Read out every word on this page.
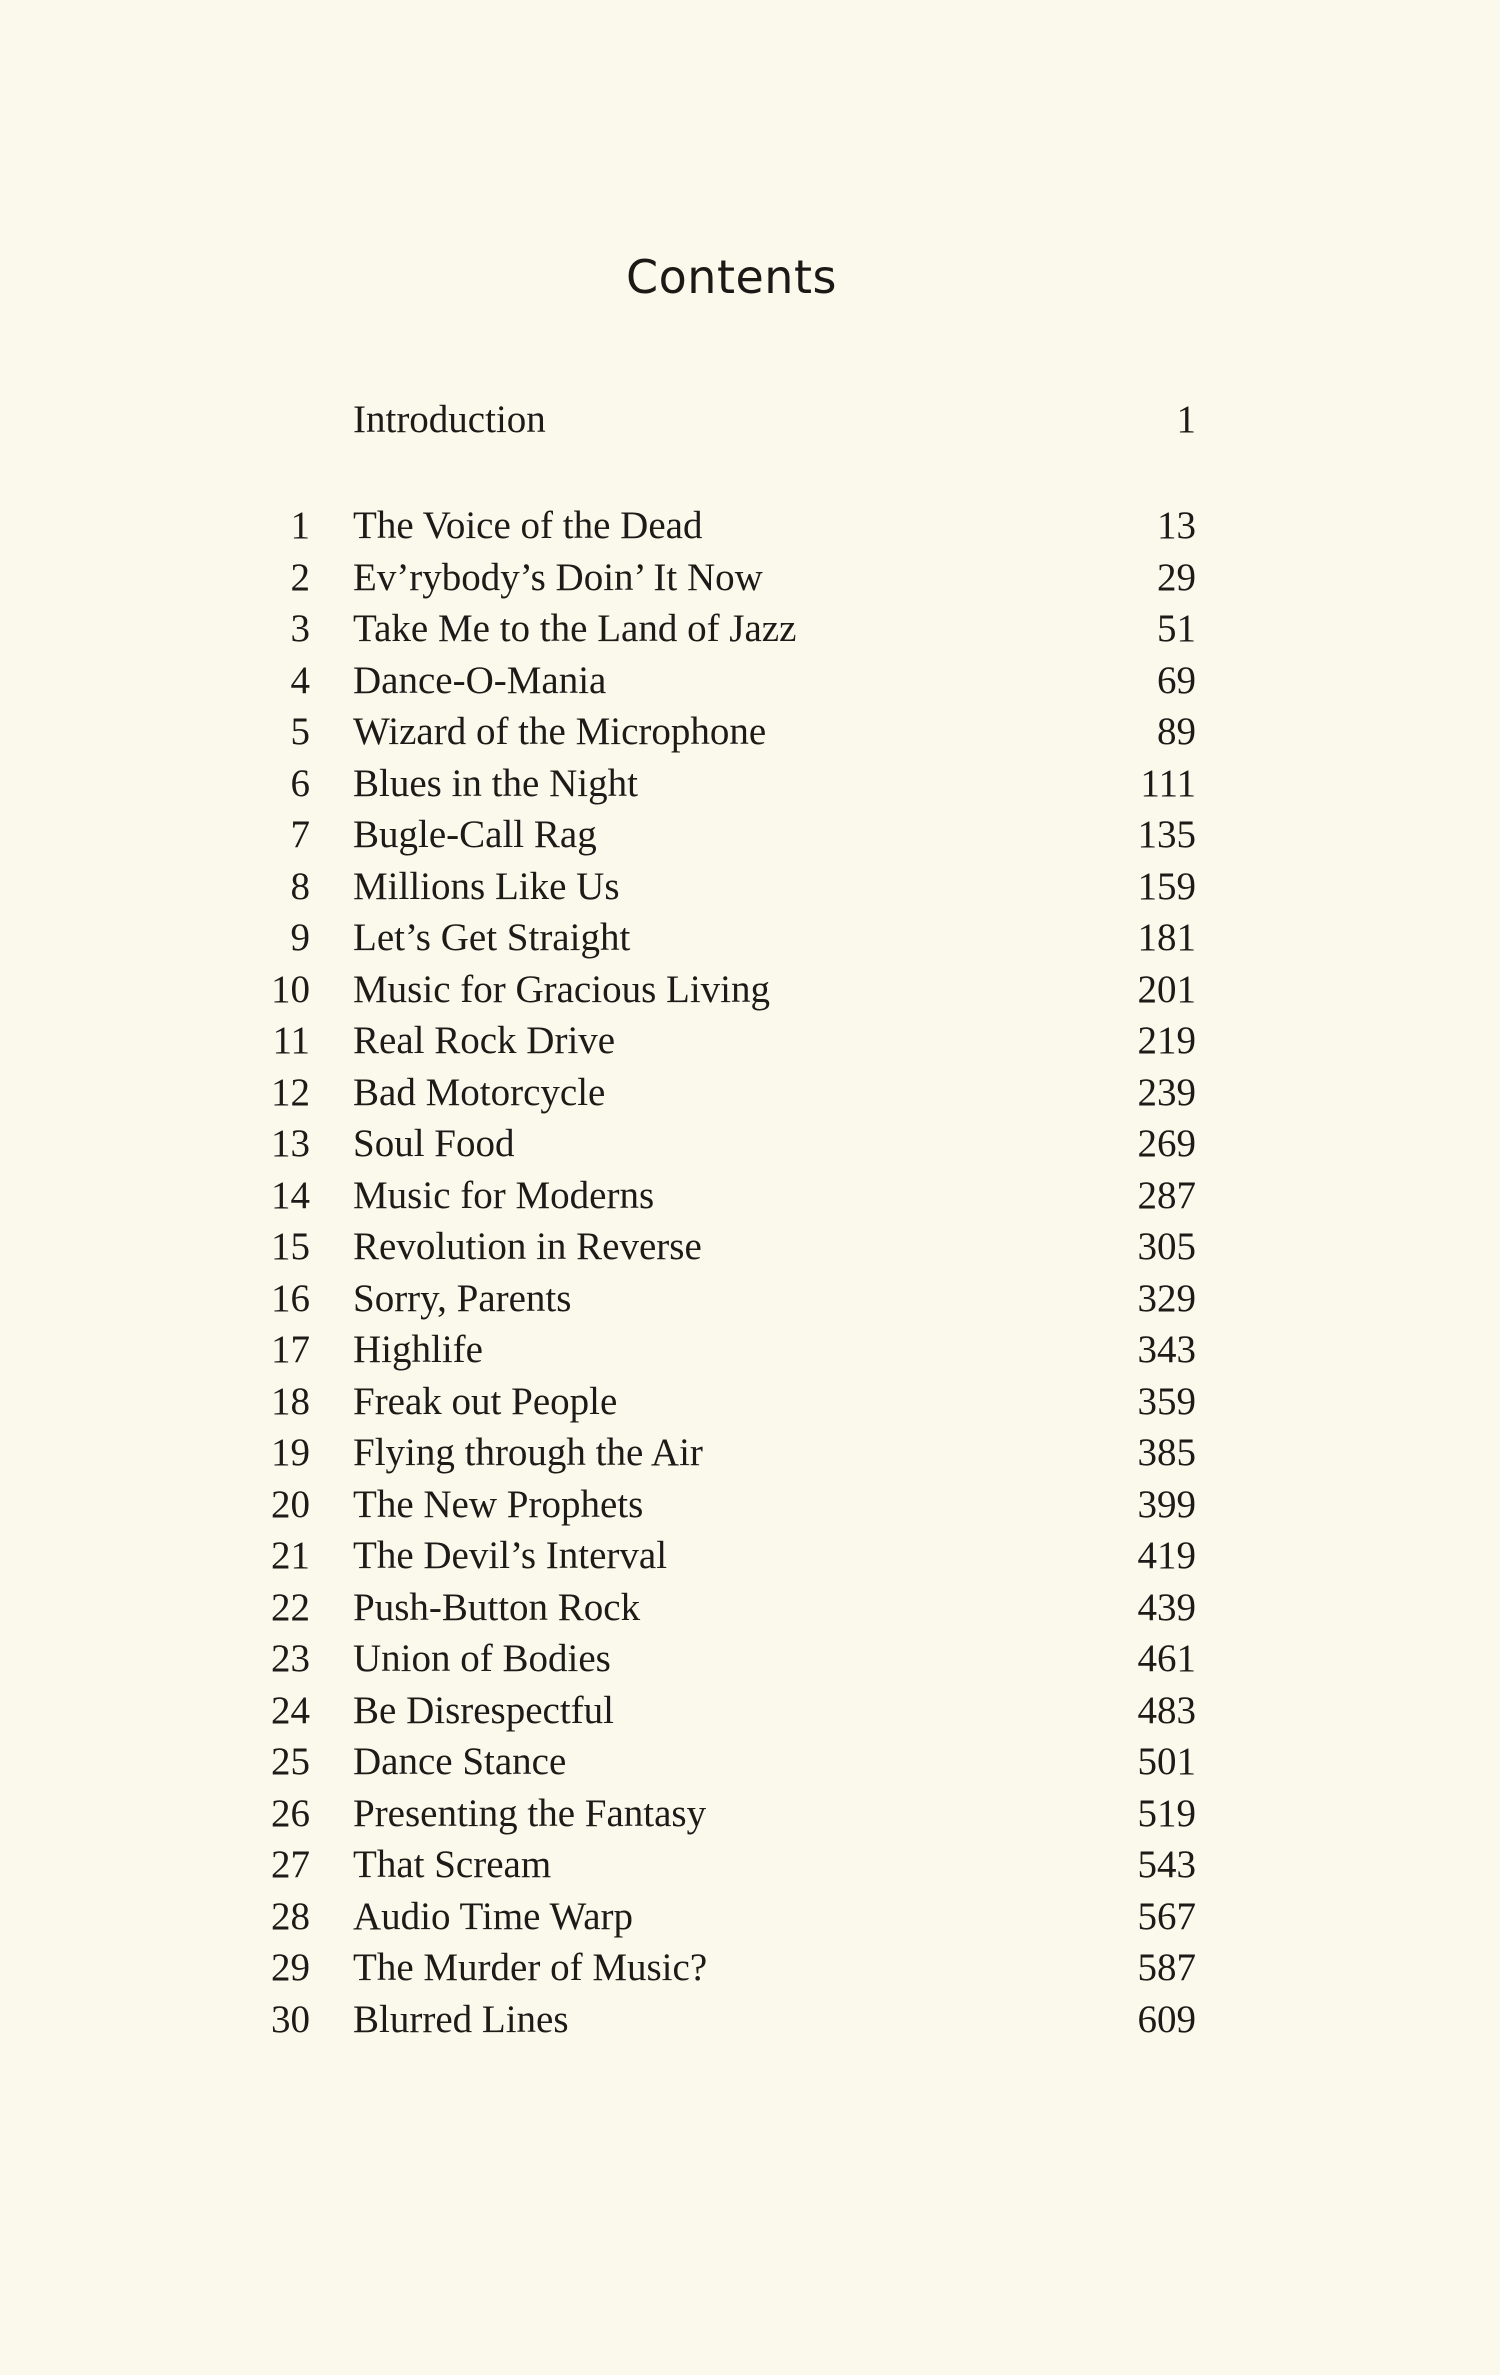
Contents
Introduction	1
1 The Voice of the Dead	13
2 Ev’rybody’s Doin’ It Now	29
3 Take Me to the Land of Jazz	51
4 Dance-O-Mania	69
5 Wizard of the Microphone	89
6 Blues in the Night	111
7 Bugle-Call Rag	135
8 Millions Like Us	159
9 Let’s Get Straight	181
10 Music for Gracious Living	201
11 Real Rock Drive	219
12 Bad Motorcycle	239
13 Soul Food	269
14 Music for Moderns	287
15 Revolution in Reverse	305
16 Sorry, Parents	329
17 Highlife	343
18 Freak out People	359
19 Flying through the Air	385
20 The New Prophets	399
21 The Devil’s Interval	419
22 Push-Button Rock	439
23 Union of Bodies	461
24 Be Disrespectful	483
25 Dance Stance	501
26 Presenting the Fantasy	519
27 That Scream	543
28 Audio Time Warp	567
29 The Murder of Music?	587
30 Blurred Lines	609
